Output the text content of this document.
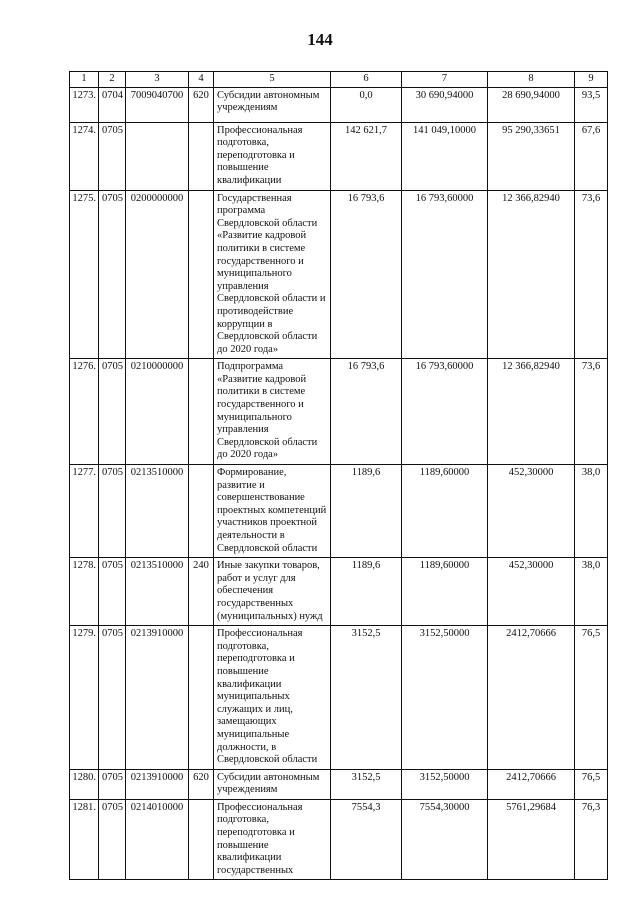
144
1	2	3	4	5	6	7	8	9
1273.	0704	7009040700	620	Субсидии автономным учреждениям	0,0	30 690,94000	28 690,94000	93,5
1274.	0705			Профессиональная подготовка, переподготовка и повышение квалификации	142 621,7	141 049,10000	95 290,33651	67,6
1275.	0705	0200000000		Государственная программа Свердловской области «Развитие кадровой политики в системе государственного и муниципального управления Свердловской области и противодействие коррупции в Свердловской области до 2020 года»	16 793,6	16 793,60000	12 366,82940	73,6
1276.	0705	0210000000		Подпрограмма «Развитие кадровой политики в системе государственного и муниципального управления Свердловской области до 2020 года»	16 793,6	16 793,60000	12 366,82940	73,6
1277.	0705	0213510000		Формирование, развитие и совершенствование проектных компетенций участников проектной деятельности в Свердловской области	1189,6	1189,60000	452,30000	38,0
1278.	0705	0213510000	240	Иные закупки товаров, работ и услуг для обеспечения государственных (муниципальных) нужд	1189,6	1189,60000	452,30000	38,0
1279.	0705	0213910000		Профессиональная подготовка, переподготовка и повышение квалификации муниципальных служащих и лиц, замещающих муниципальные должности, в Свердловской области	3152,5	3152,50000	2412,70666	76,5
1280.	0705	0213910000	620	Субсидии автономным учреждениям	3152,5	3152,50000	2412,70666	76,5
1281.	0705	0214010000		Профессиональная подготовка, переподготовка и повышение квалификации государственных	7554,3	7554,30000	5761,29684	76,3
